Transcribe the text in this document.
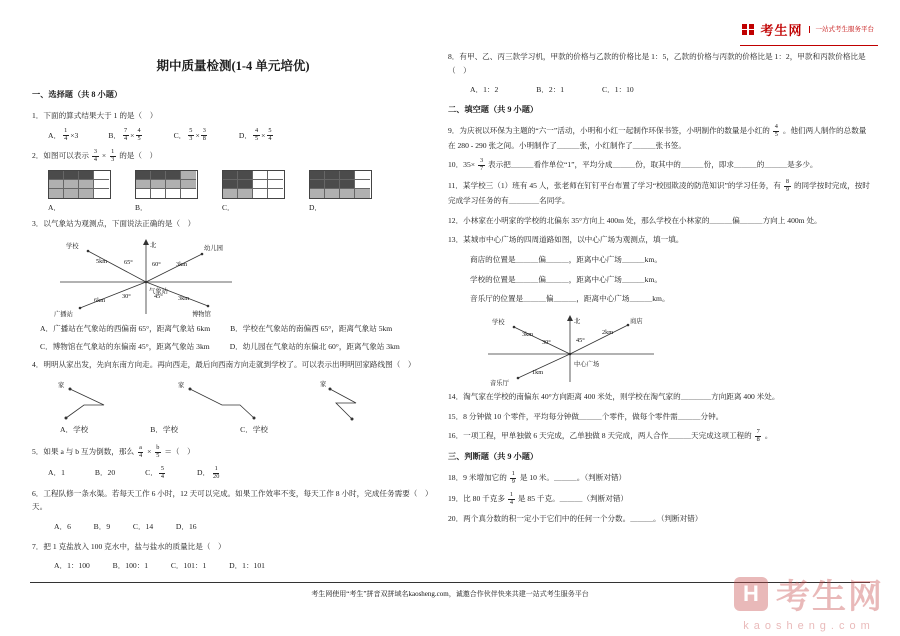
考生网	一站式考生服务平台
期中质量检测(1-4 单元培优)

一、选择题（共 8 小题）

1．下面的算式结果大于 1 的是（　）

A． $\frac{1}{4} \times 3$	B． $\frac{7}{4} \times \frac{4}{5}$	C． $\frac{5}{3} \times \frac{3}{8}$	D． $\frac{4}{5} \times \frac{5}{4}$

2．如图可以表示 $\frac{3}{4} \times \frac{1}{3}$ 的是（　）

A．	B．	C．	D．

3．以气象站为观测点，下面说法正确的是（　）

北
学校	幼儿园
博物馆
广播站
气象站
65°	60°
45°
30°
5km	3km
3km
6km
A．广播站在气象站的西偏南 65°，距离气象站 6km	B．学校在气象站的南偏西 65°，距离气象站 5km
C．博物馆在气象站的东偏南 45°，距离气象站 3km	D．幼儿园在气象站的东偏北 60°，距离气象站 3km

4．明明从家出发，先向东南方向走。再向西走，最后向西南方向走就到学校了。可以表示出明明回家路线图（　）

家	家	家
A．学校	B．学校	C．学校

5．如果 a 与 b 互为倒数，那么 $\frac{a}{4} \times \frac{b}{5}$ ＝（　）

A．1	B．20	C． $\frac{5}{4}$	D． $\frac{1}{20}$

6．工程队修一条水渠。若每天工作 6 小时，12 天可以完成。如果工作效率不变，每天工作 8 小时，完成任务需要（　）天。

A．6　　　B．9　　　C．14　　　D．16

7．把 1 克盐放入 100 克水中，盐与盐水的质量比是（　）

A．1：100　　　B．100：1　　　C．101：1　　　D．1：101

8．有甲、乙、丙三款学习机，甲款的价格与乙款的价格比是 1：5，乙款的价格与丙款的价格比是 1：2，甲款和丙款价格比是（　）

A．1：2　　　　　B．2：1　　　　　C．1：10

二、填空题（共 9 小题）

9．为庆祝以环保为主题的“六一”活动，小明和小红一起制作环保书签，小明制作的数量是小红的 $\frac{4}{5}$ 。他们两人制作的总数量在 280 - 290 张之间。小明制作了＿＿＿张，小红制作了＿＿＿张书签。

10．$35\times \frac{3}{7}$ 表示把＿＿＿看作单位“1”，平均分成＿＿＿份，取其中的＿＿＿份，即求＿＿＿的＿＿＿是多少。

11．某学校三（1）班有 45 人，张老师在钉钉平台布置了学习“校园欺凌的防范知识”的学习任务，有 $\frac{8}{9}$ 的同学按时完成，按时完成学习任务的有＿＿＿＿名同学。

12．小林家在小明家的学校的北偏东 35°方向上 400m 处，那么学校在小林家的＿＿＿偏＿＿＿方向上 400m 处。

13．某城市中心广场的四周道路如图，以中心广场为观测点，填一填。

商店的位置是＿＿＿偏＿＿＿，距离中心广场＿＿＿km。

学校的位置是＿＿＿偏＿＿＿，距离中心广场＿＿＿km。

音乐厅的位置是＿＿＿偏＿＿＿，距离中心广场＿＿＿km。

北	商店
学校
音乐厅
中心广场
45°
30°
2km
3km
1km

14．淘气家在学校的南偏东 40°方向距离 400 米处，则学校在淘气家的＿＿＿＿方向距离 400 米处。

15．8 分钟做 10 个零件，平均每分钟做＿＿＿个零件，做每个零件需＿＿＿分钟。

16．一项工程，甲单独做 6 天完成，乙单独做 8 天完成，两人合作＿＿＿天完成这项工程的 $\frac{7}{8}$ 。

三、判断题（共 9 小题）

18．9 米增加它的 $\frac{1}{9}$ 是 10 米。＿＿＿。（判断对错）

19．比 80 千克多 $\frac{1}{4}$ 是 85 千克。＿＿＿（判断对错）

20．两个真分数的积一定小于它们中的任何一个分数。＿＿＿。（判断对错）

考生网使用“考生”拼音双拼域名kaosheng.com，诚邀合作伙伴快来共建一站式考生服务平台	H 考生网
kaosheng.com
